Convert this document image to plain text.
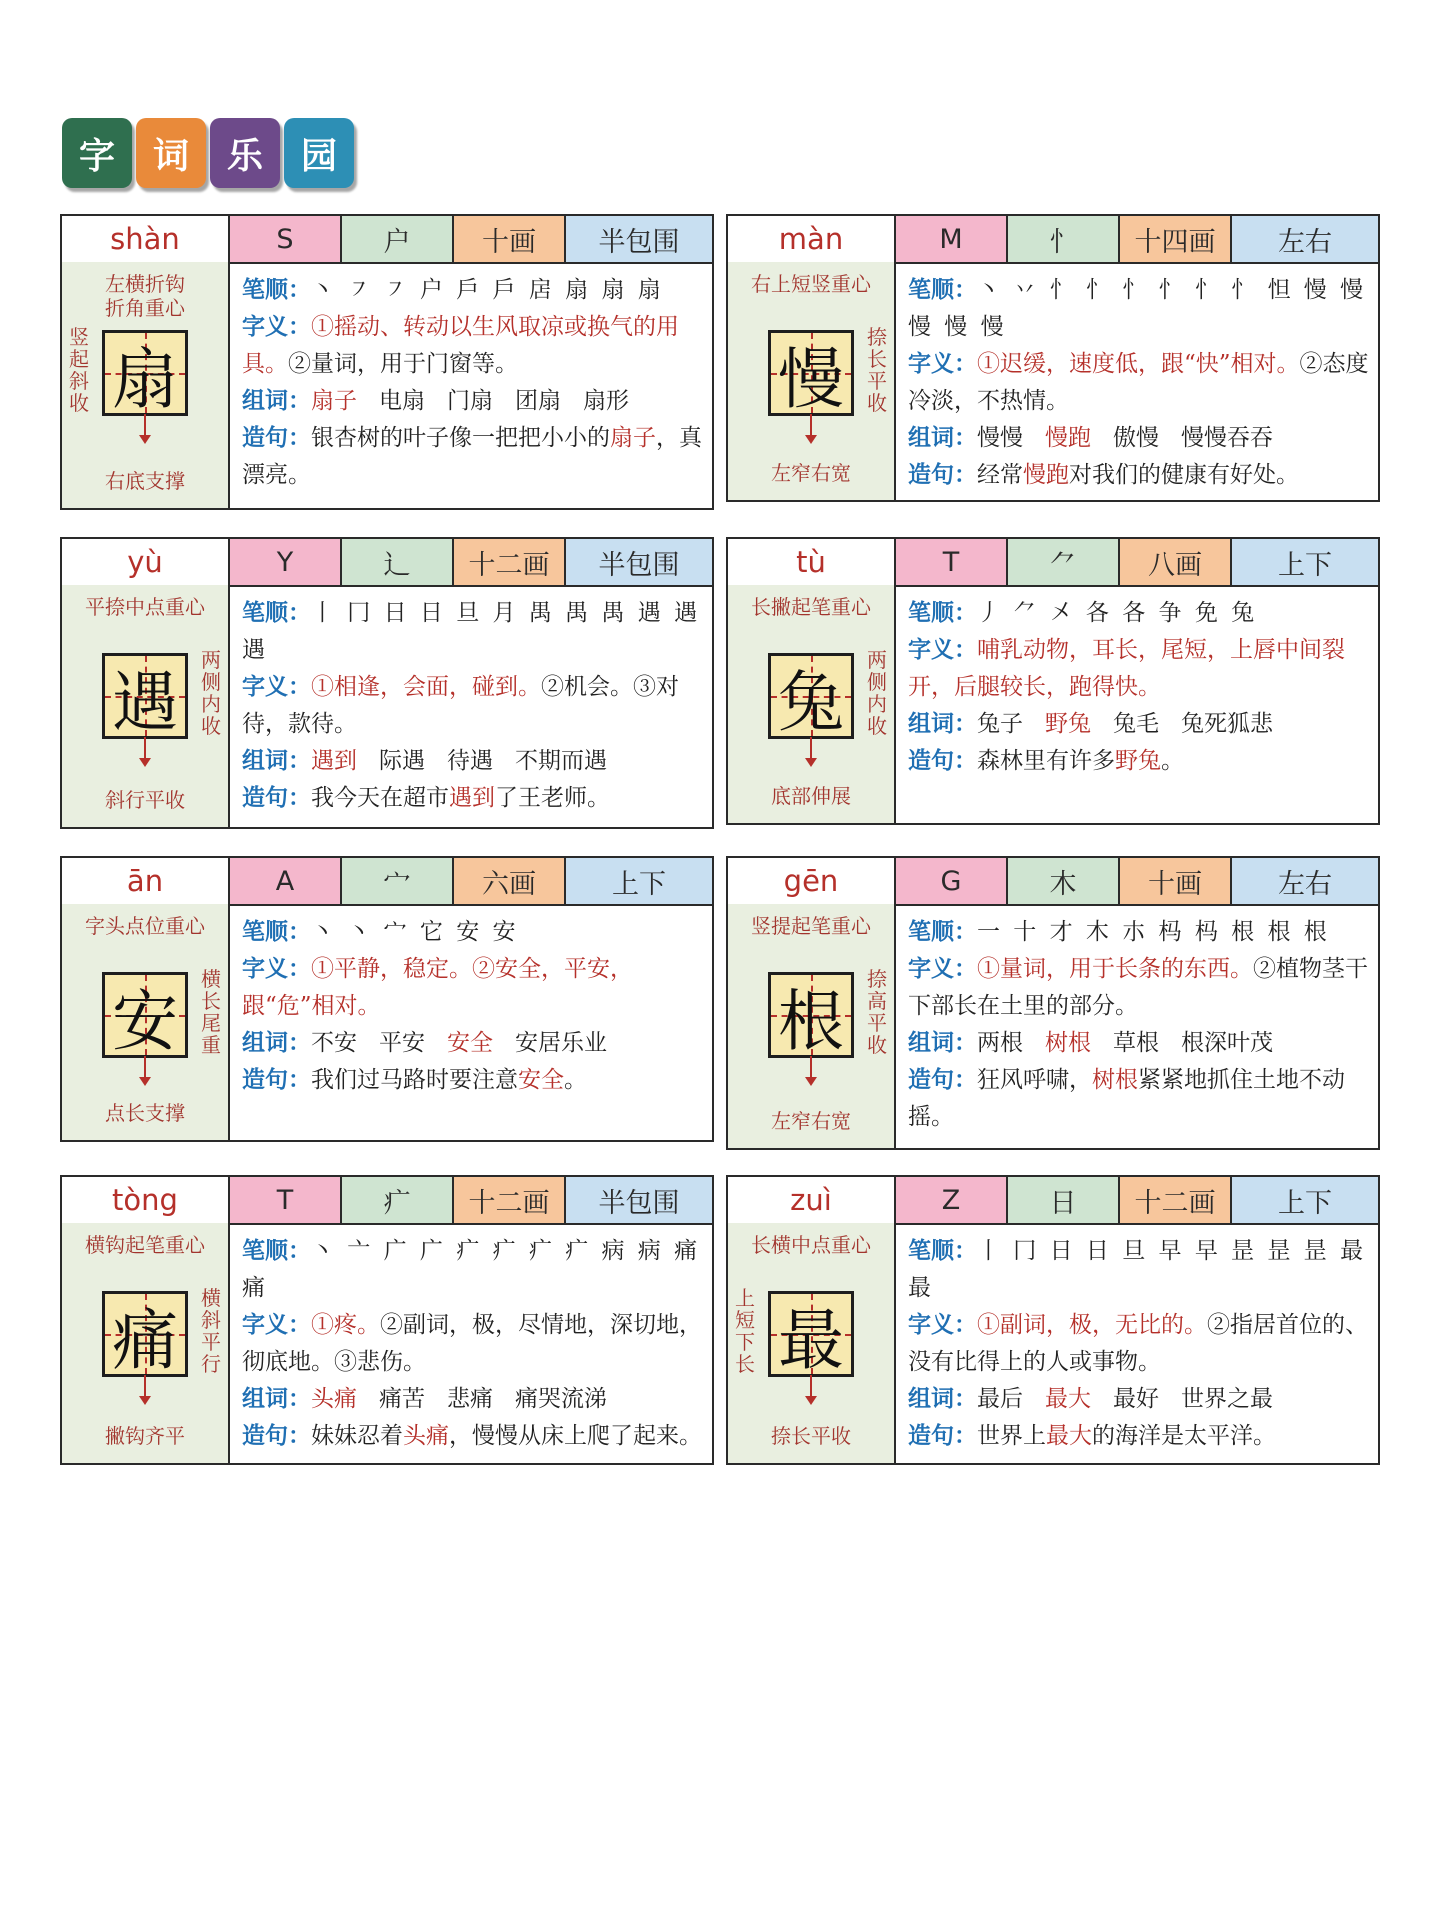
字 词 乐 园
shàn	S	户	十画	半包围
左横折钩
折角重心
竖起斜收 扇
右底支撑
笔顺：丶 ㇇ ㇇ 户 戶 戶 扂 扇 扇 扇
字义：①摇动、转动以生风取凉或换气的用具。②量词，用于门窗等。
组词：扇子 电扇 门扇 团扇 扇形
造句：银杏树的叶子像一把把小小的扇子，真漂亮。
màn	M	忄	十四画	左右
右上短竖重心
捺长平收
慢
左窄右宽
笔顺：丶 丷 忄 忄 忄 忄 忄 忄 怛 慢 慢 慢 慢 慢
字义：①迟缓，速度低，跟“快”相对。②态度冷淡，不热情。
组词：慢慢 慢跑 傲慢 慢慢吞吞
造句：经常慢跑对我们的健康有好处。
yù	Y	辶	十二画	半包围
平捺中点重心
两侧内收
遇
斜行平收
笔顺：丨 冂 日 日 旦 月 禺 禺 禺 遇 遇 遇
字义：①相逢，会面，碰到。②机会。③对待，款待。
组词：遇到 际遇 待遇 不期而遇
造句：我今天在超市遇到了王老师。
tù	T	⺈	八画	上下
长撇起笔重心
两侧内收
兔
底部伸展
笔顺：丿 ⺈ 㐅 各 各 争 免 兔
字义：哺乳动物，耳长，尾短，上唇中间裂开，后腿较长，跑得快。
组词：兔子 野兔 兔毛 兔死狐悲
造句：森林里有许多野兔。
ān	A	宀	六画	上下
字头点位重心
横长尾重
安
点长支撑
笔顺：丶 丶 宀 它 安 安
字义：①平静，稳定。②安全，平安，跟“危”相对。
组词：不安 平安 安全 安居乐业
造句：我们过马路时要注意安全。
gēn	G	木	十画	左右
竖提起笔重心
捺高平收
根
左窄右宽
笔顺：一 十 才 木 朩 杩 杩 根 根 根
字义：①量词，用于长条的东西。②植物茎干下部长在土里的部分。
组词：两根 树根 草根 根深叶茂
造句：狂风呼啸，树根紧紧地抓住土地不动摇。
tòng	T	疒	十二画	半包围
横钩起笔重心
横斜平行
痛
撇钩齐平
笔顺：丶 亠 广 广 疒 疒 疒 疒 病 病 痛 痛
字义：①疼。②副词，极，尽情地，深切地，彻底地。③悲伤。
组词：头痛 痛苦 悲痛 痛哭流涕
造句：妹妹忍着头痛，慢慢从床上爬了起来。
zuì	Z	日	十二画	上下
长横中点重心
上短下长 最
捺长平收
笔顺：丨 冂 日 日 旦 早 早 昰 昰 昰 最 最
字义：①副词，极，无比的。②指居首位的、没有比得上的人或事物。
组词：最后 最大 最好 世界之最
造句：世界上最大的海洋是太平洋。
